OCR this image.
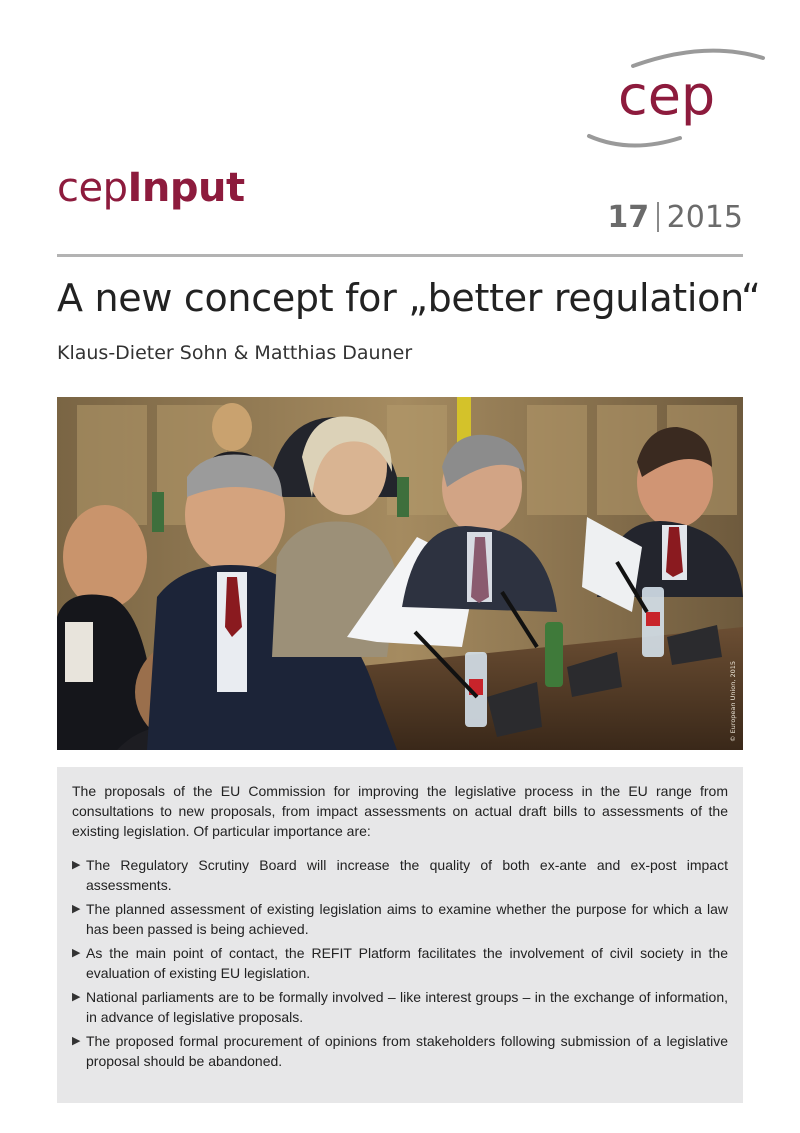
cep
cepInput
17 2015
A new concept for „better regulation“
Klaus-Dieter Sohn & Matthias Dauner
© European Union, 2015

The proposals of the EU Commission for improving the legislative process in the EU range from consultations to new proposals, from impact assessments on actual draft bills to assessments of the existing legislation. Of particular importance are:

▶ The Regulatory Scrutiny Board will increase the quality of both ex-ante and ex-post impact assessments.
▶ The planned assessment of existing legislation aims to examine whether the purpose for which a law has been passed is being achieved.
▶ As the main point of contact, the REFIT Platform facilitates the involvement of civil society in the evaluation of existing EU legislation.
▶ National parliaments are to be formally involved – like interest groups – in the exchange of information, in advance of legislative proposals.
▶ The proposed formal procurement of opinions from stakeholders following submission of a legislative proposal should be abandoned.
